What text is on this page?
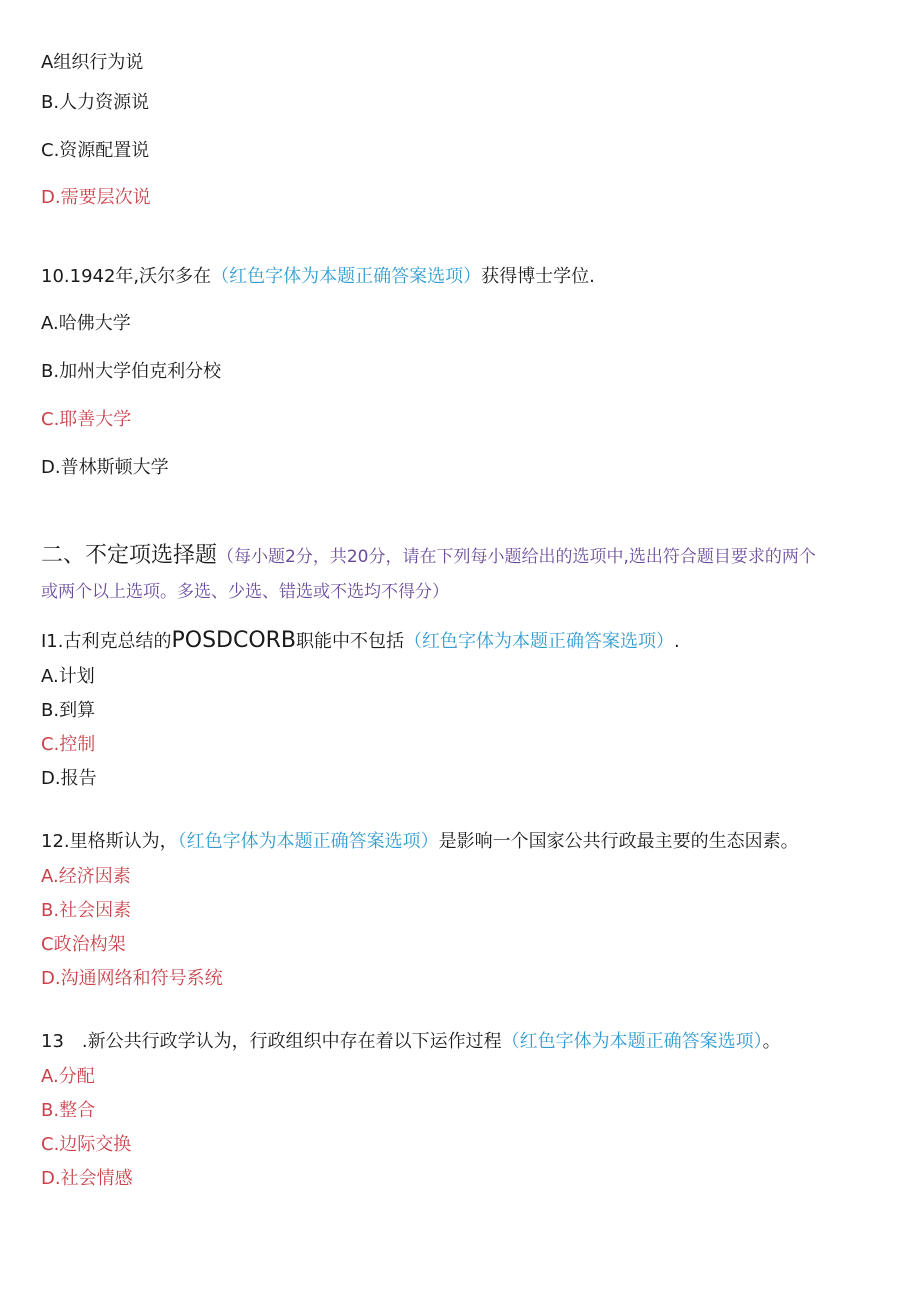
A组织行为说
B.人力资源说
C.资源配置说
D.需要层次说
10.1942年,沃尔多在（红色字体为本题正确答案选项）获得博士学位.
A.哈佛大学
B.加州大学伯克利分校
C.耶善大学
D.普林斯顿大学
二、不定项选择题（每小题2分，共20分，请在下列每小题给出的选项中,选出符合题目要求的两个
或两个以上选项。多选、少选、错选或不选均不得分）
I1.古利克总结的POSDCORB职能中不包括（红色字体为本题正确答案选项）.
A.计划
B.到算
C.控制
D.报告
12.里格斯认为，（红色字体为本题正确答案选项）是影响一个国家公共行政最主要的生态因素。
A.经济因素
B.社会因素
C政治构架
D.沟通网络和符号系统
13　.新公共行政学认为，行政组织中存在着以下运作过程（红色字体为本题正确答案选项）。
A.分配
B.整合
C.边际交换
D.社会情感
